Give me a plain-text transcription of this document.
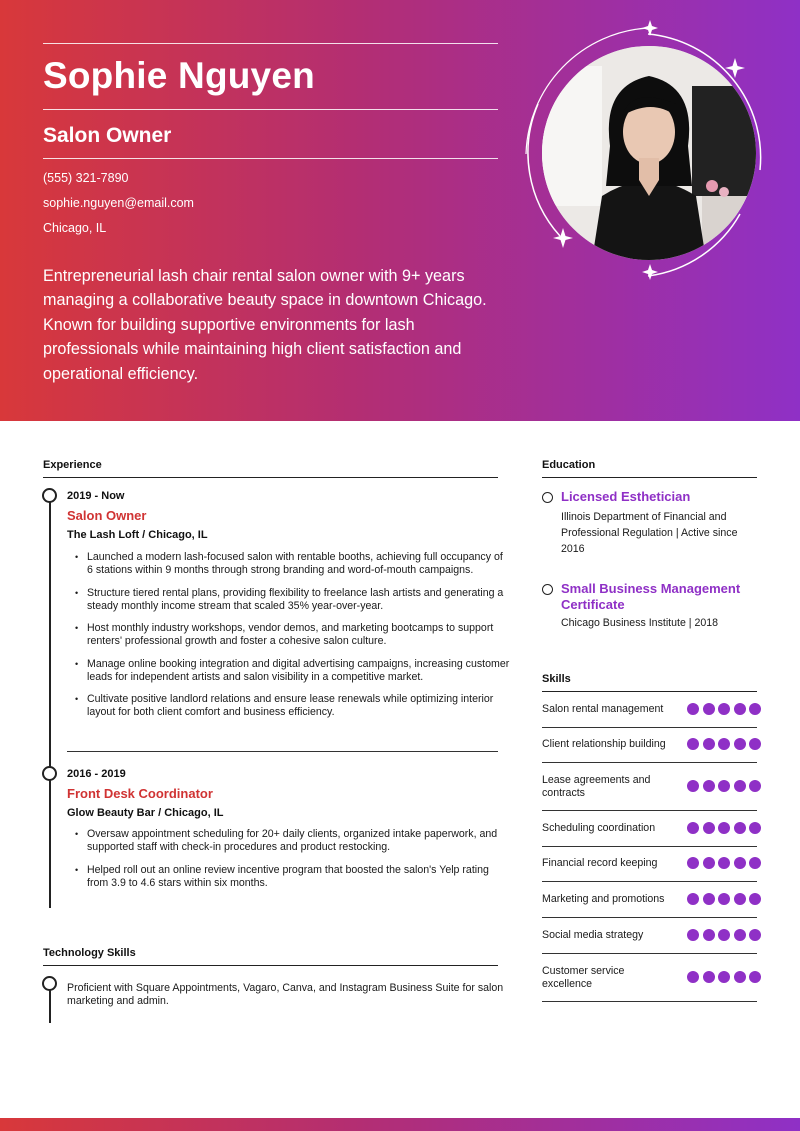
Sophie Nguyen
Salon Owner
(555) 321-7890
sophie.nguyen@email.com
Chicago, IL
Entrepreneurial lash chair rental salon owner with 9+ years managing a collaborative beauty space in downtown Chicago. Known for building supportive environments for lash professionals while maintaining high client satisfaction and operational efficiency.
Experience
2019 - Now
Salon Owner
The Lash Loft / Chicago, IL
• Launched a modern lash-focused salon with rentable booths, achieving full occupancy of 6 stations within 9 months through strong branding and word-of-mouth campaigns.
• Structure tiered rental plans, providing flexibility to freelance lash artists and generating a steady monthly income stream that scaled 35% year-over-year.
• Host monthly industry workshops, vendor demos, and marketing bootcamps to support renters' professional growth and foster a cohesive salon culture.
• Manage online booking integration and digital advertising campaigns, increasing customer leads for independent artists and salon visibility in a competitive market.
• Cultivate positive landlord relations and ensure lease renewals while optimizing interior layout for both client comfort and business efficiency.
2016 - 2019
Front Desk Coordinator
Glow Beauty Bar / Chicago, IL
• Oversaw appointment scheduling for 20+ daily clients, organized intake paperwork, and supported staff with check-in procedures and product restocking.
• Helped roll out an online review incentive program that boosted the salon's Yelp rating from 3.9 to 4.6 stars within six months.
Technology Skills
Proficient with Square Appointments, Vagaro, Canva, and Instagram Business Suite for salon marketing and admin.
Education
Licensed Esthetician
Illinois Department of Financial and Professional Regulation | Active since 2016
Small Business Management Certificate
Chicago Business Institute | 2018
Skills
Salon rental management
Client relationship building
Lease agreements and contracts
Scheduling coordination
Financial record keeping
Marketing and promotions
Social media strategy
Customer service excellence
